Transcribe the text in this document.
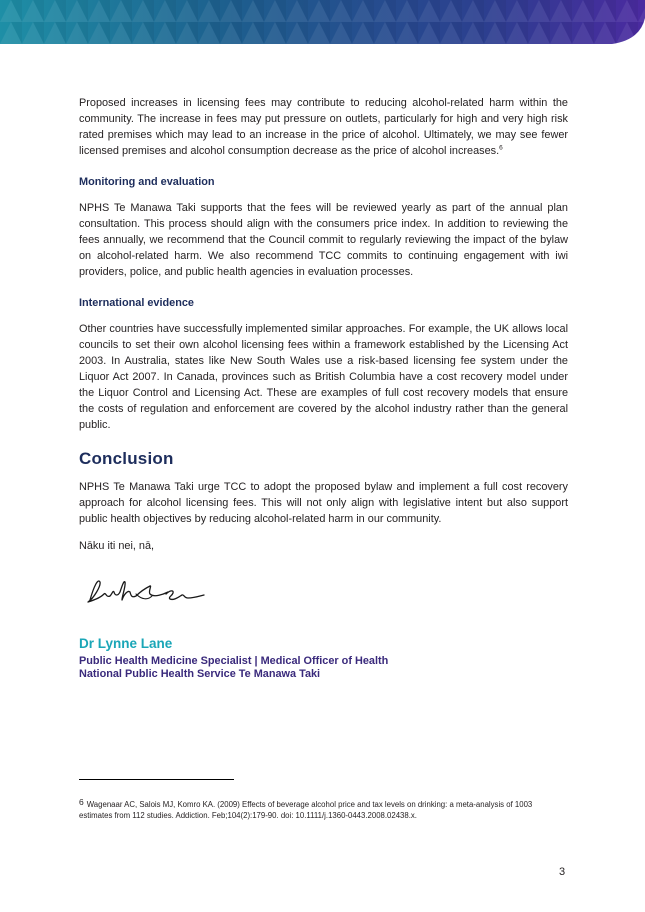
Proposed increases in licensing fees may contribute to reducing alcohol-related harm within the community. The increase in fees may put pressure on outlets, particularly for high and very high risk rated premises which may lead to an increase in the price of alcohol. Ultimately, we may see fewer licensed premises and alcohol consumption decrease as the price of alcohol increases.$^6$

Monitoring and evaluation

NPHS Te Manawa Taki supports that the fees will be reviewed yearly as part of the annual plan consultation. This process should align with the consumers price index. In addition to reviewing the fees annually, we recommend that the Council commit to regularly reviewing the impact of the bylaw on alcohol-related harm. We also recommend TCC commits to continuing engagement with iwi providers, police, and public health agencies in evaluation processes.

International evidence

Other countries have successfully implemented similar approaches. For example, the UK allows local councils to set their own alcohol licensing fees within a framework established by the Licensing Act 2003. In Australia, states like New South Wales use a risk-based licensing fee system under the Liquor Act 2007. In Canada, provinces such as British Columbia have a cost recovery model under the Liquor Control and Licensing Act. These are examples of full cost recovery models that ensure the costs of regulation and enforcement are covered by the alcohol industry rather than the general public.

Conclusion

NPHS Te Manawa Taki urge TCC to adopt the proposed bylaw and implement a full cost recovery approach for alcohol licensing fees. This will not only align with legislative intent but also support public health objectives by reducing alcohol-related harm in our community.

Nāku iti nei, nā,
Dr Lynne Lane
Public Health Medicine Specialist | Medical Officer of Health
National Public Health Service Te Manawa Taki
6 Wagenaar AC, Salois MJ, Komro KA. (2009) Effects of beverage alcohol price and tax levels on drinking: a meta-analysis of 1003 estimates from 112 studies. Addiction. Feb;104(2):179-90. doi: 10.1111/j.1360-0443.2008.02438.x.
3
